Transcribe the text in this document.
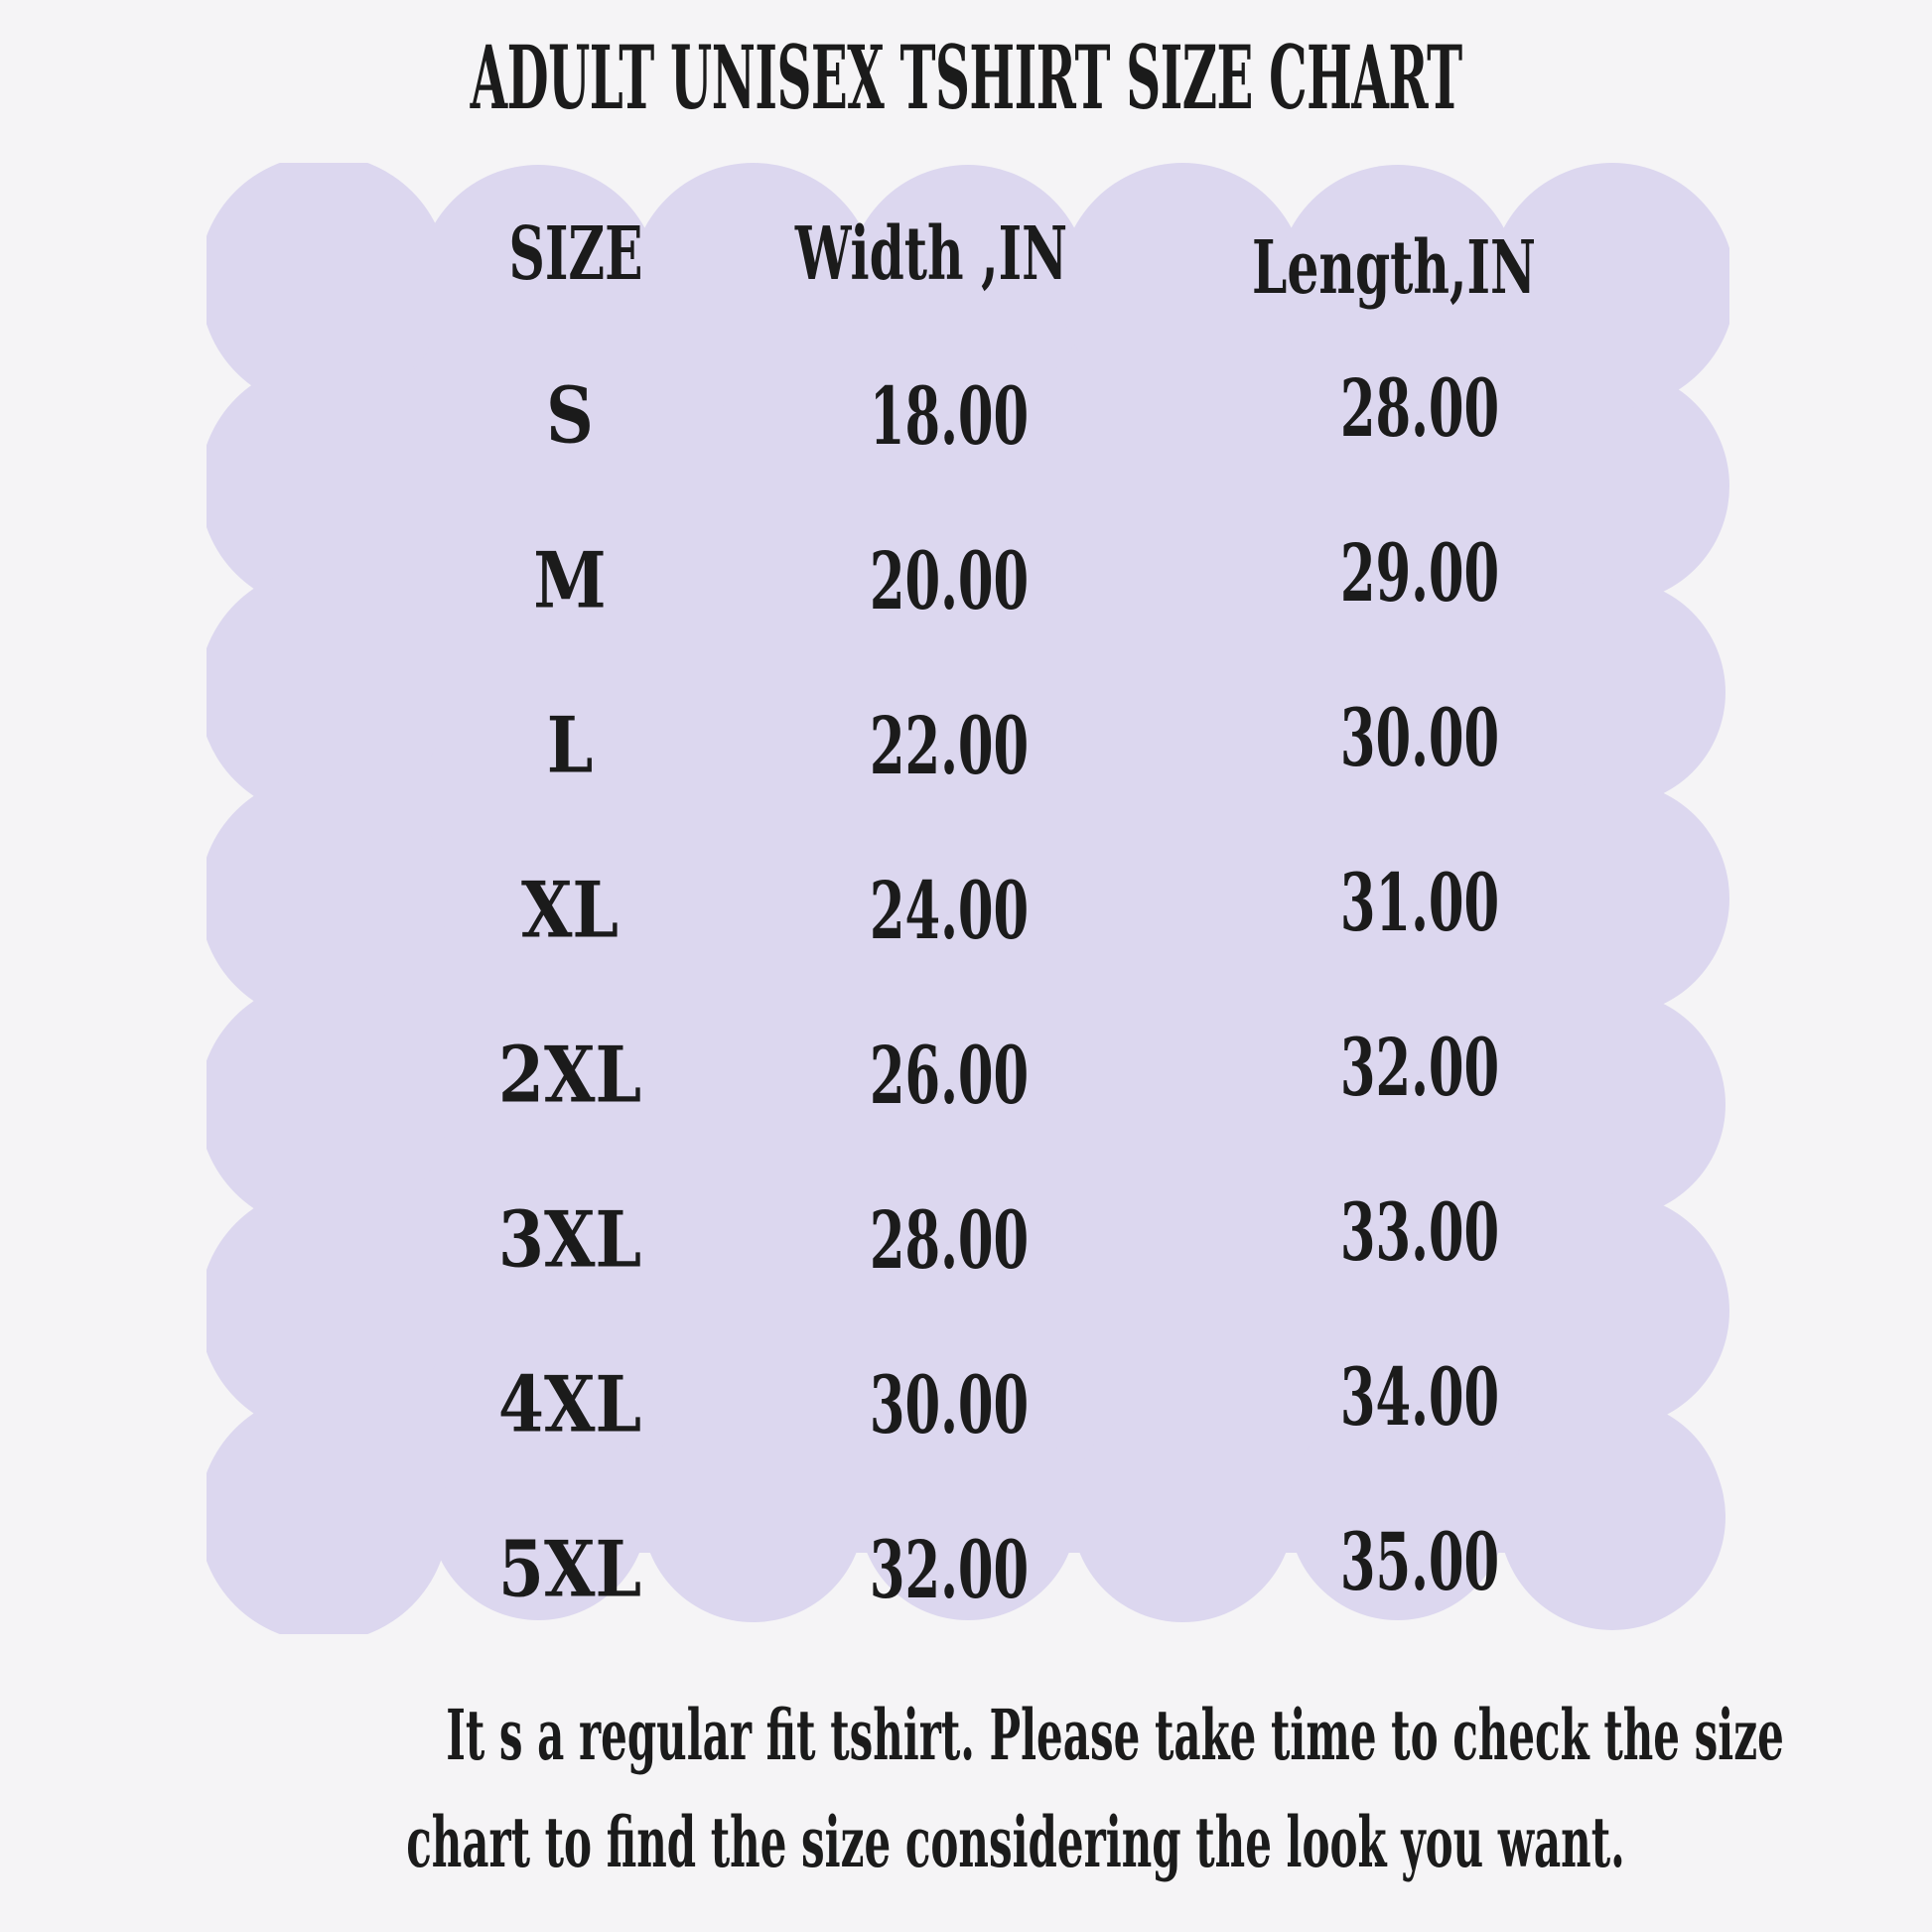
ADULT UNISEX TSHIRT SIZE CHART
SIZE Width ,IN	Length,IN
S	18.00	28.00
M	20.00	29.00
L	22.00	30.00
XL	24.00	31.00
2XL	26.00	32.00
3XL	28.00	33.00
4XL	30.00	34.00
5XL	32.00	35.00
It s a regular fit tshirt. Please take time to check the size
chart to find the size considering the look you want.
